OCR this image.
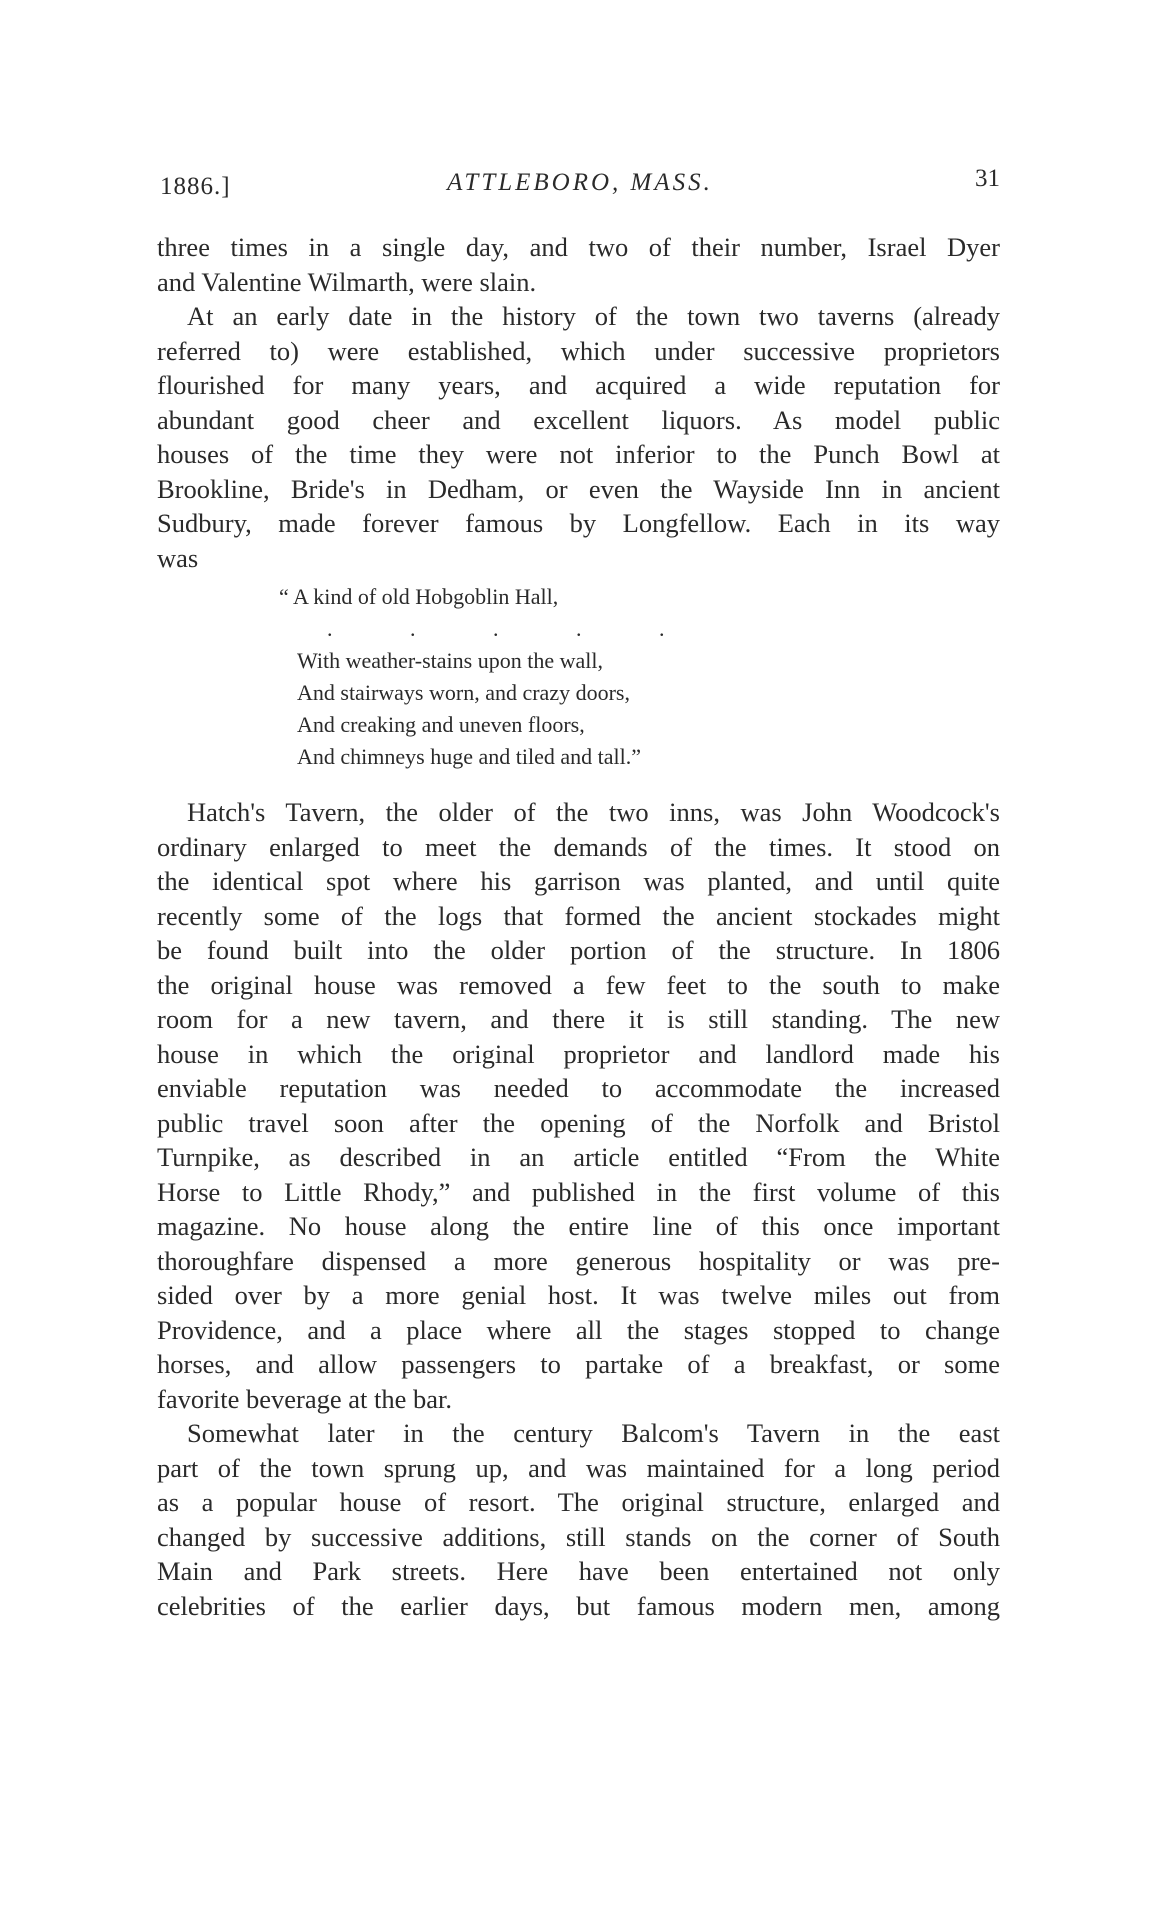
1886.]	ATTLEBORO, MASS.	31
three times in a single day, and two of their number, Israel Dyer
and Valentine Wilmarth, were slain.
At an early date in the history of the town two taverns (already
referred to) were established, which under successive proprietors
flourished for many years, and acquired a wide reputation for
abundant good cheer and excellent liquors. As model public
houses of the time they were not inferior to the Punch Bowl at
Brookline, Bride's in Dedham, or even the Wayside Inn in ancient
Sudbury, made forever famous by Longfellow. Each in its way
was
“ A kind of old Hobgoblin Hall,
. . . . .
With weather-stains upon the wall,
And stairways worn, and crazy doors,
And creaking and uneven floors,
And chimneys huge and tiled and tall.”
Hatch's Tavern, the older of the two inns, was John Woodcock's
ordinary enlarged to meet the demands of the times. It stood on
the identical spot where his garrison was planted, and until quite
recently some of the logs that formed the ancient stockades might
be found built into the older portion of the structure. In 1806
the original house was removed a few feet to the south to make
room for a new tavern, and there it is still standing. The new
house in which the original proprietor and landlord made his
enviable reputation was needed to accommodate the increased
public travel soon after the opening of the Norfolk and Bristol
Turnpike, as described in an article entitled “From the White
Horse to Little Rhody,” and published in the first volume of this
magazine. No house along the entire line of this once important
thoroughfare dispensed a more generous hospitality or was pre-
sided over by a more genial host. It was twelve miles out from
Providence, and a place where all the stages stopped to change
horses, and allow passengers to partake of a breakfast, or some
favorite beverage at the bar.
Somewhat later in the century Balcom's Tavern in the east
part of the town sprung up, and was maintained for a long period
as a popular house of resort. The original structure, enlarged and
changed by successive additions, still stands on the corner of South
Main and Park streets. Here have been entertained not only
celebrities of the earlier days, but famous modern men, among
